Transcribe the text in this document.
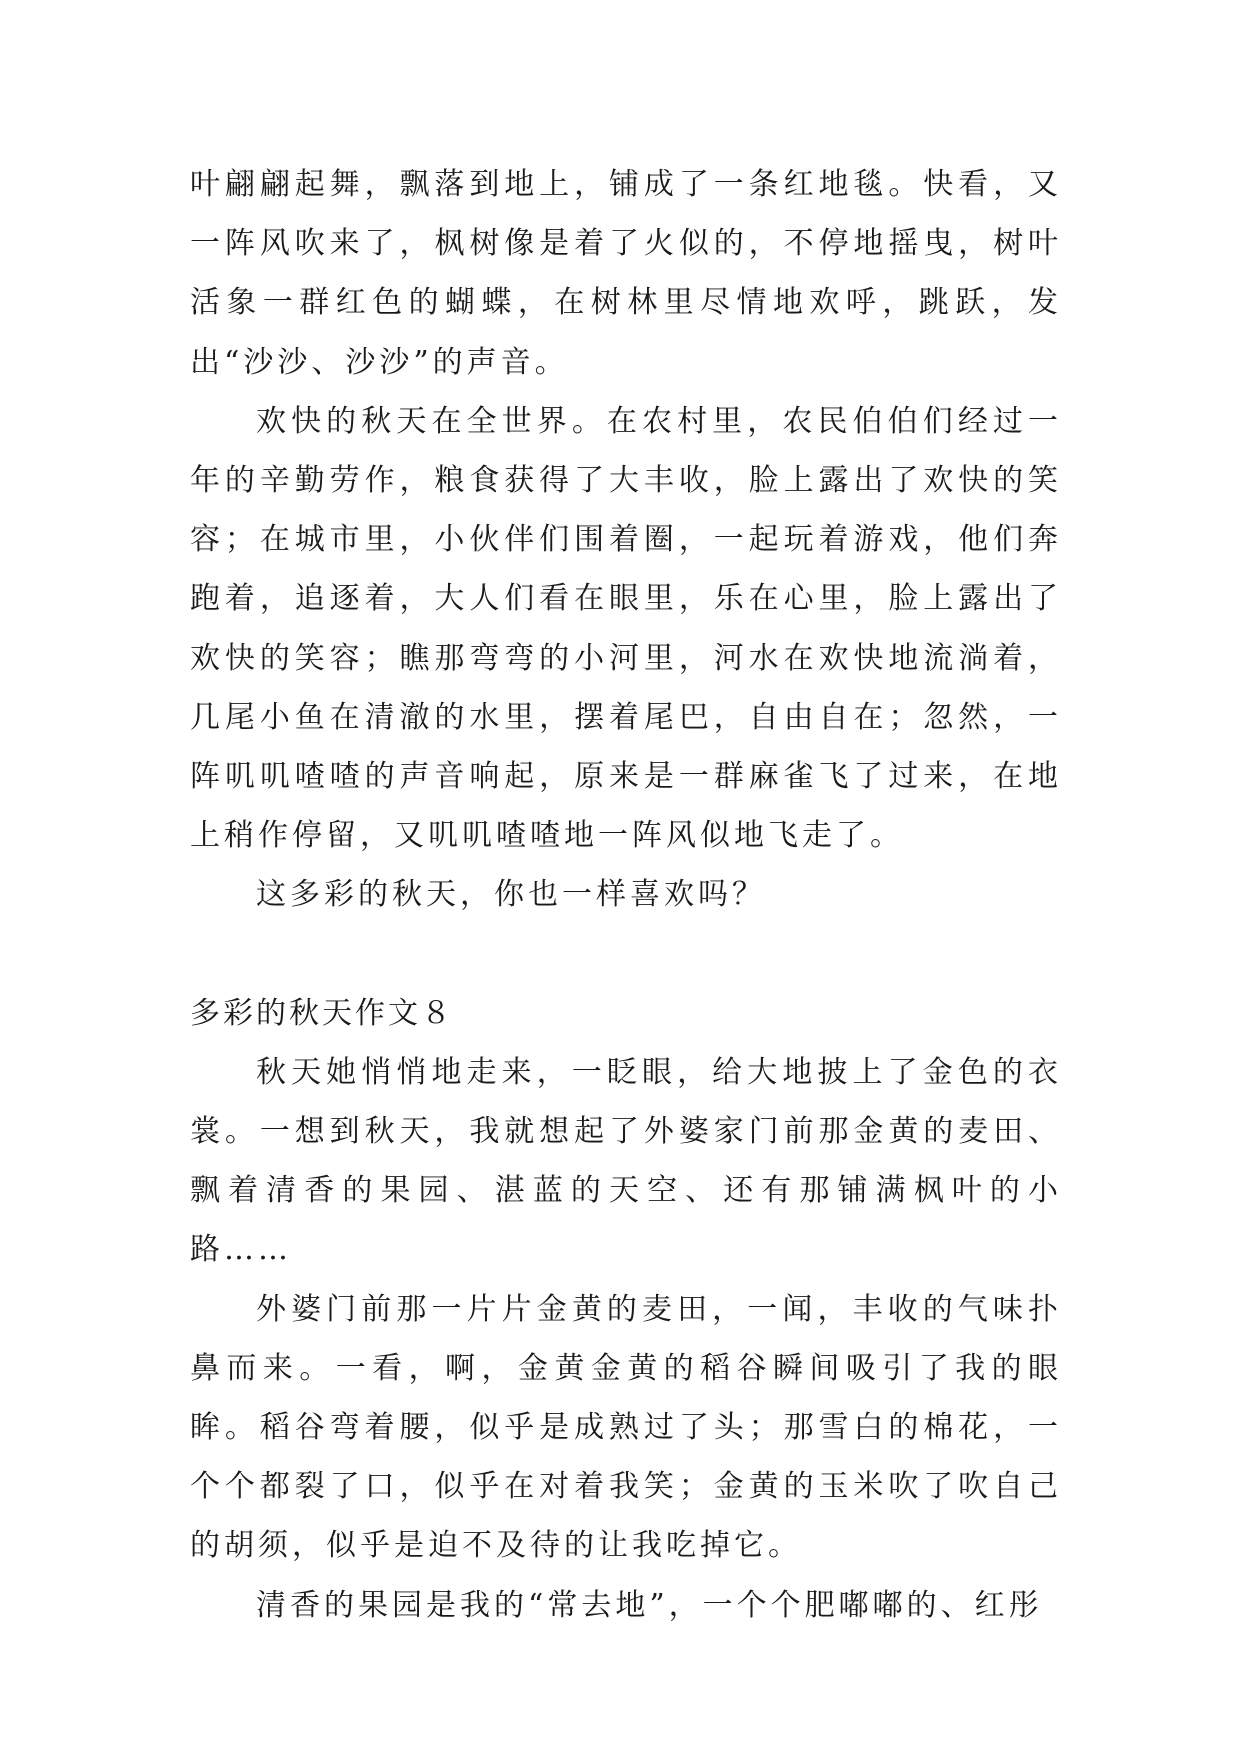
叶翩翩起舞，飘落到地上，铺成了一条红地毯。快看，又一阵风吹来了，枫树像是着了火似的，不停地摇曳，树叶活象一群红色的蝴蝶，在树林里尽情地欢呼，跳跃，发出“沙沙、沙沙”的声音。

欢快的秋天在全世界。在农村里，农民伯伯们经过一年的辛勤劳作，粮食获得了大丰收，脸上露出了欢快的笑容；在城市里，小伙伴们围着圈，一起玩着游戏，他们奔跑着，追逐着，大人们看在眼里，乐在心里，脸上露出了欢快的笑容；瞧那弯弯的小河里，河水在欢快地流淌着，几尾小鱼在清澈的水里，摆着尾巴，自由自在；忽然，一阵叽叽喳喳的声音响起，原来是一群麻雀飞了过来，在地上稍作停留，又叽叽喳喳地一阵风似地飞走了。

这多彩的秋天，你也一样喜欢吗？

多彩的秋天作文８

秋天她悄悄地走来，一眨眼，给大地披上了金色的衣裳。一想到秋天，我就想起了外婆家门前那金黄的麦田、飘着清香的果园、湛蓝的天空、还有那铺满枫叶的小路……

外婆门前那一片片金黄的麦田，一闻，丰收的气味扑鼻而来。一看，啊，金黄金黄的稻谷瞬间吸引了我的眼眸。稻谷弯着腰，似乎是成熟过了头；那雪白的棉花，一个个都裂了口，似乎在对着我笑；金黄的玉米吹了吹自己的胡须，似乎是迫不及待的让我吃掉它。

清香的果园是我的“常去地”，一个个肥嘟嘟的、红彤
